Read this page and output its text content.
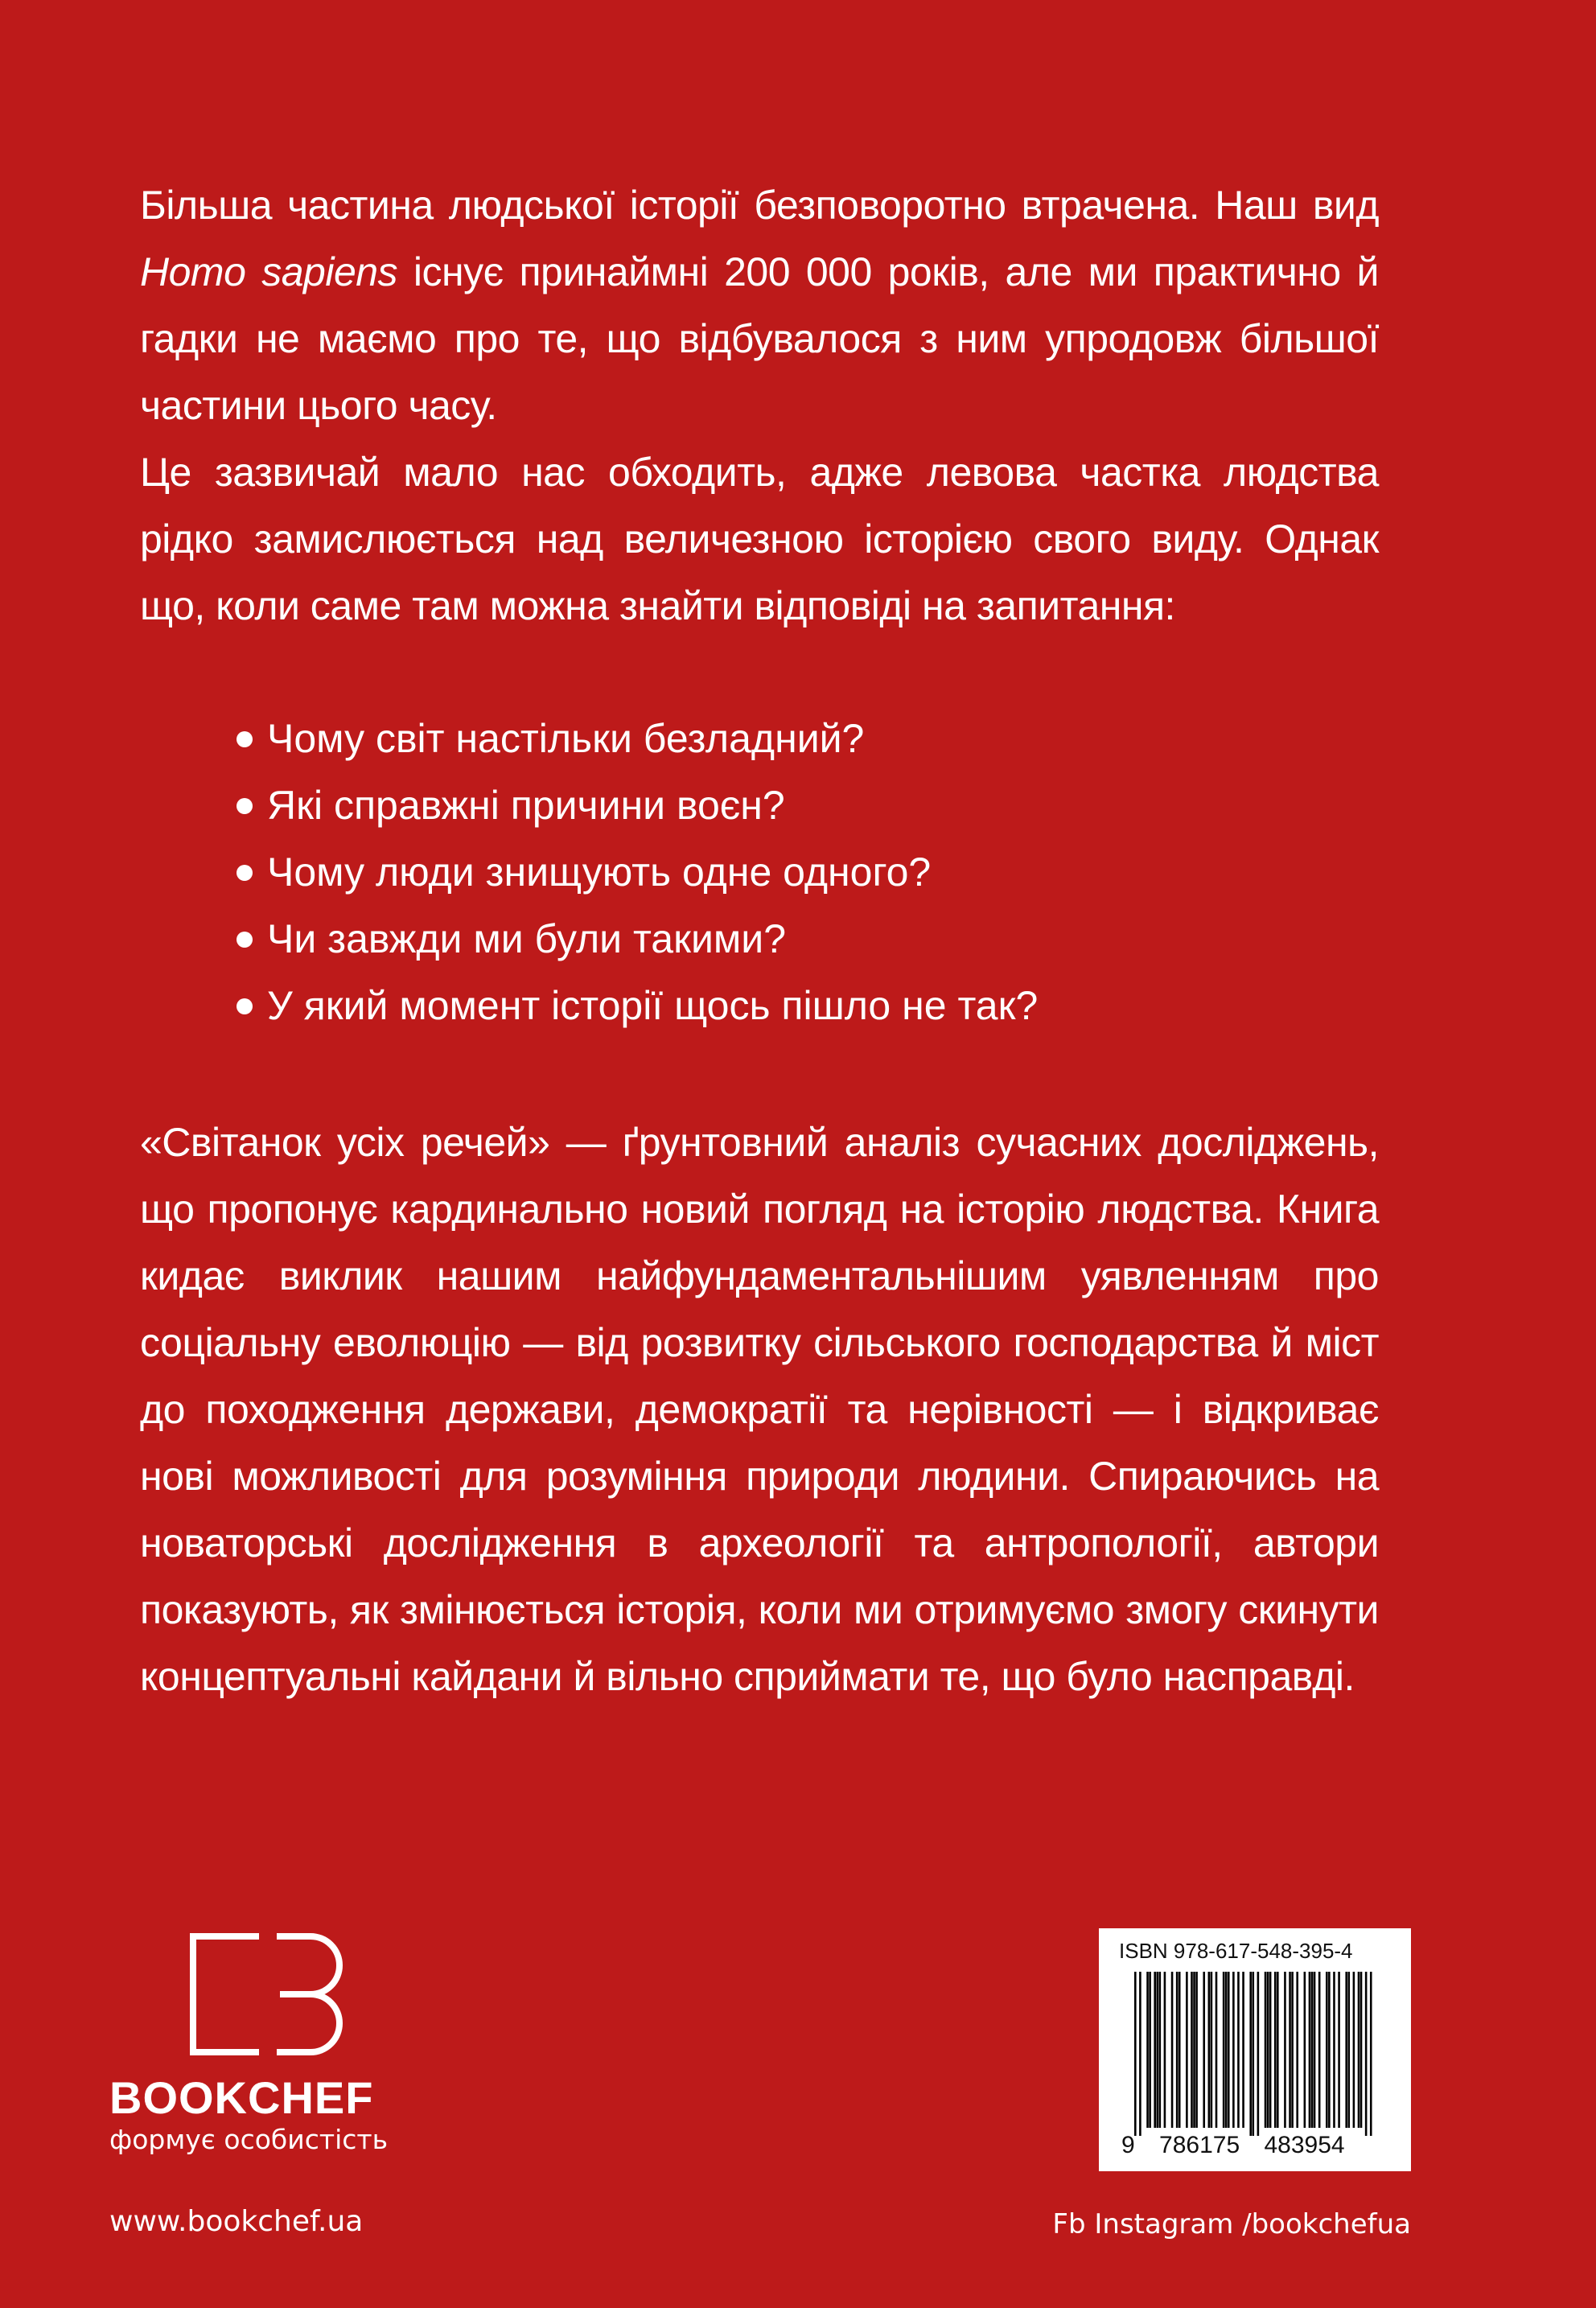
Більша частина людської історії безповоротно втрачена. Наш вид Homo sapiens існує принаймні 200 000 років, але ми практично й гадки не маємо про те, що відбувалося з ним упродовж більшої частини цього часу.

Це зазвичай мало нас обходить, адже левова частка людства рідко замислюється над величезною історією свого виду. Однак що, коли саме там можна знайти відповіді на запитання:

Чому світ настільки безладний?
Які справжні причини воєн?
Чому люди знищують одне одного?
Чи завжди ми були такими?
У який момент історії щось пішло не так?

«Світанок усіх речей» — ґрунтовний аналіз сучасних досліджень, що пропонує кардинально новий погляд на історію людства. Книга кидає виклик нашим найфундаментальнішим уявленням про соціальну еволюцію — від розвитку сільського господарства й міст до походження держави, демократії та нерівності — і відкриває нові можливості для розуміння природи людини. Спираючись на новаторські дослідження в археології та антропології, автори показують, як змінюється історія, коли ми отримуємо змогу скинути концептуальні кайдани й вільно сприймати те, що було насправді.

BOOKCHEF
формує особистість
ISBN 978-617-548-395-4
9 786175 483954
www.bookchef.ua	Fb Instagram /bookchefua
